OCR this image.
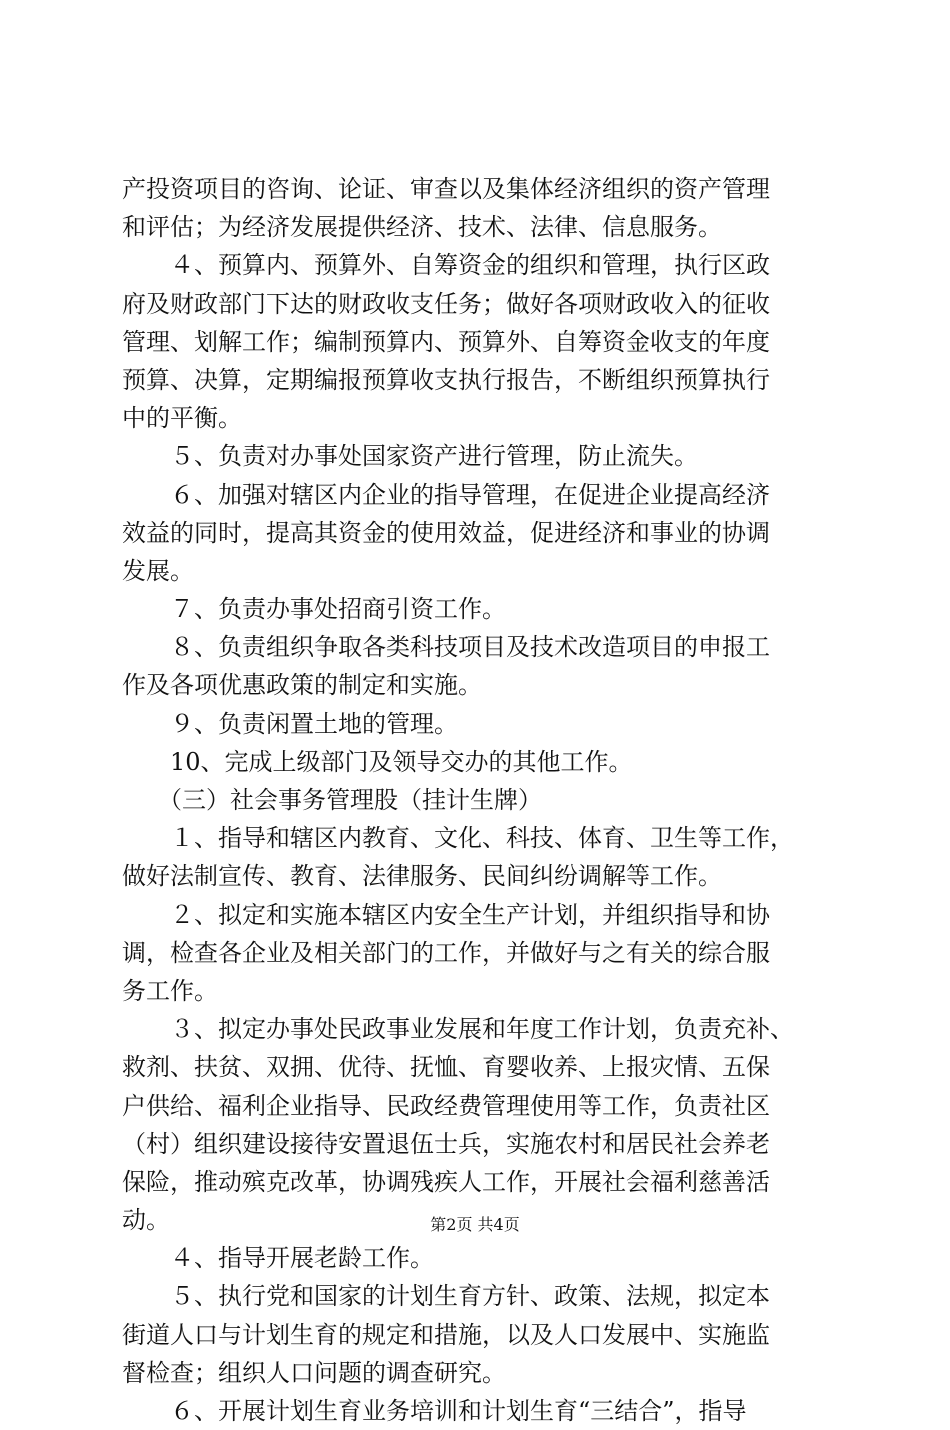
产投资项目的咨询、论证、审查以及集体经济组织的资产管理
和评估；为经济发展提供经济、技术、法律、信息服务。
　　４、预算内、预算外、自筹资金的组织和管理，执行区政
府及财政部门下达的财政收支任务；做好各项财政收入的征收
管理、划解工作；编制预算内、预算外、自筹资金收支的年度
预算、决算，定期编报预算收支执行报告，不断组织预算执行
中的平衡。
　　５、负责对办事处国家资产进行管理，防止流失。
　　６、加强对辖区内企业的指导管理，在促进企业提高经济
效益的同时，提高其资金的使用效益，促进经济和事业的协调
发展。
　　７、负责办事处招商引资工作。
　　８、负责组织争取各类科技项目及技术改造项目的申报工
作及各项优惠政策的制定和实施。
　　９、负责闲置土地的管理。
　　10、完成上级部门及领导交办的其他工作。
　　（三）社会事务管理股（挂计生牌）
　　１、指导和辖区内教育、文化、科技、体育、卫生等工作，
做好法制宣传、教育、法律服务、民间纠纷调解等工作。
　　２、拟定和实施本辖区内安全生产计划，并组织指导和协
调，检查各企业及相关部门的工作，并做好与之有关的综合服
务工作。
　　３、拟定办事处民政事业发展和年度工作计划，负责充补、
救剂、扶贫、双拥、优待、抚恤、育婴收养、上报灾情、五保
户供给、福利企业指导、民政经费管理使用等工作，负责社区
（村）组织建设接待安置退伍士兵，实施农村和居民社会养老
保险，推动殡克改革，协调残疾人工作，开展社会福利慈善活
动。
　　４、指导开展老龄工作。
　　５、执行党和国家的计划生育方针、政策、法规，拟定本
街道人口与计划生育的规定和措施，以及人口发展中、实施监
督检查；组织人口问题的调查研究。
　　６、开展计划生育业务培训和计划生育“三结合”，指导
第2页 共4页
